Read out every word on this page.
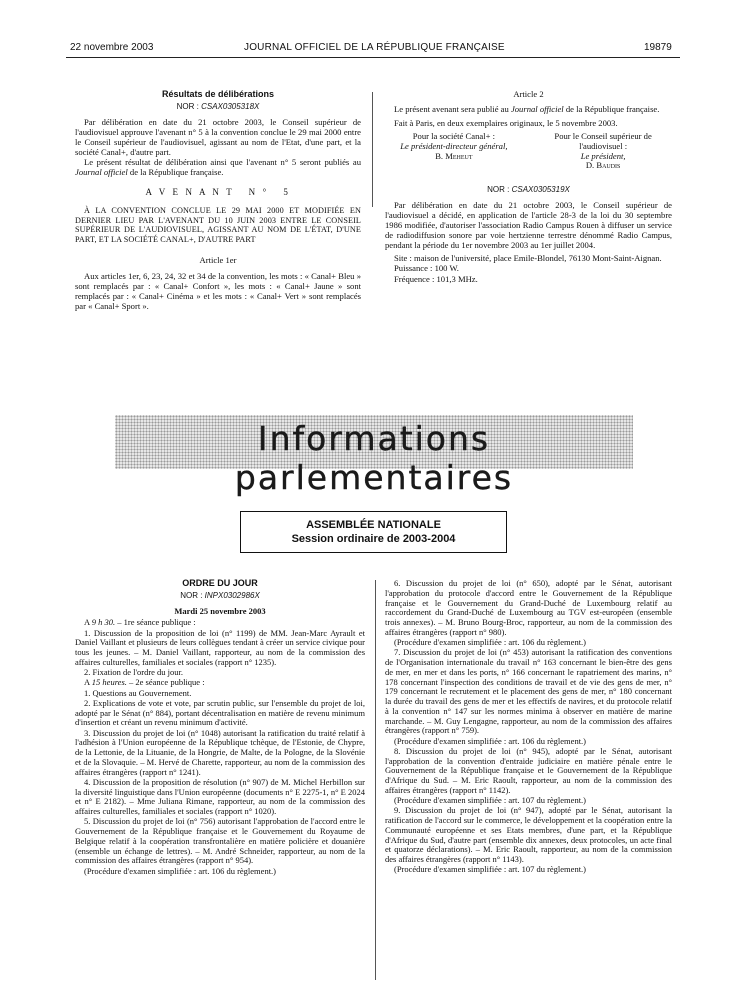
22 novembre 2003	JOURNAL OFFICIEL DE LA RÉPUBLIQUE FRANÇAISE	19879
Résultats de délibérations
NOR : CSAX0305318X

Par délibération en date du 21 octobre 2003, le Conseil supérieur de l'audiovisuel approuve l'avenant n° 5 à la convention conclue le 29 mai 2000 entre le Conseil supérieur de l'audiovisuel, agissant au nom de l'Etat, d'une part, et la société Canal+, d'autre part.

Le présent résultat de délibération ainsi que l'avenant n° 5 seront publiés au Journal officiel de la République française.

A V E N A N T   N °   5

À LA CONVENTION CONCLUE LE 29 MAI 2000 ET MODIFIÉE EN DERNIER LIEU PAR L'AVENANT DU 10 JUIN 2003 ENTRE LE CONSEIL SUPÉRIEUR DE L'AUDIOVISUEL, AGISSANT AU NOM DE L'ÉTAT, D'UNE PART, ET LA SOCIÉTÉ CANAL+, D'AUTRE PART

Article 1er

Aux articles 1er, 6, 23, 24, 32 et 34 de la convention, les mots : « Canal+ Bleu » sont remplacés par : « Canal+ Confort », les mots : « Canal+ Jaune » sont remplacés par : « Canal+ Cinéma » et les mots : « Canal+ Vert » sont remplacés par « Canal+ Sport ».

Article 2

Le présent avenant sera publié au Journal officiel de la République française.

Fait à Paris, en deux exemplaires originaux, le 5 novembre 2003.

Pour la société Canal+ :
Le président-directeur général,
B. Meheut
Pour le Conseil supérieur de l'audiovisuel :
Le président,
D. Baudis
NOR : CSAX0305319X

Par délibération en date du 21 octobre 2003, le Conseil supérieur de l'audiovisuel a décidé, en application de l'article 28-3 de la loi du 30 septembre 1986 modifiée, d'autoriser l'association Radio Campus Rouen à diffuser un service de radiodiffusion sonore par voie hertzienne terrestre dénommé Radio Campus, pendant la période du 1er novembre 2003 au 1er juillet 2004.

Site : maison de l'université, place Emile-Blondel, 76130 Mont-Saint-Aignan.

Puissance : 100 W.

Fréquence : 101,3 MHz.

Informations parlementaires
ASSEMBLÉE NATIONALE
Session ordinaire de 2003-2004
ORDRE DU JOUR
NOR : INPX0302986X
Mardi 25 novembre 2003

A 9 h 30. – 1re séance publique :

1. Discussion de la proposition de loi (n° 1199) de MM. Jean-Marc Ayrault et Daniel Vaillant et plusieurs de leurs collègues tendant à créer un service civique pour tous les jeunes. – M. Daniel Vaillant, rapporteur, au nom de la commission des affaires culturelles, familiales et sociales (rapport n° 1235).

2. Fixation de l'ordre du jour.

A 15 heures. – 2e séance publique :

1. Questions au Gouvernement.

2. Explications de vote et vote, par scrutin public, sur l'ensemble du projet de loi, adopté par le Sénat (n° 884), portant décentralisation en matière de revenu minimum d'insertion et créant un revenu minimum d'activité.

3. Discussion du projet de loi (n° 1048) autorisant la ratification du traité relatif à l'adhésion à l'Union européenne de la République tchèque, de l'Estonie, de Chypre, de la Lettonie, de la Lituanie, de la Hongrie, de Malte, de la Pologne, de la Slovénie et de la Slovaquie. – M. Hervé de Charette, rapporteur, au nom de la commission des affaires étrangères (rapport n° 1241).

4. Discussion de la proposition de résolution (n° 907) de M. Michel Herbillon sur la diversité linguistique dans l'Union européenne (documents n° E 2275-1, n° E 2024 et n° E 2182). – Mme Juliana Rimane, rapporteur, au nom de la commission des affaires culturelles, familiales et sociales (rapport n° 1020).

5. Discussion du projet de loi (n° 756) autorisant l'approbation de l'accord entre le Gouvernement de la République française et le Gouvernement du Royaume de Belgique relatif à la coopération transfrontalière en matière policière et douanière (ensemble un échange de lettres). – M. André Schneider, rapporteur, au nom de la commission des affaires étrangères (rapport n° 954).

(Procédure d'examen simplifiée : art. 106 du règlement.)

6. Discussion du projet de loi (n° 650), adopté par le Sénat, autorisant l'approbation du protocole d'accord entre le Gouvernement de la République française et le Gouvernement du Grand-Duché de Luxembourg relatif au raccordement du Grand-Duché de Luxembourg au TGV est-européen (ensemble trois annexes). – M. Bruno Bourg-Broc, rapporteur, au nom de la commission des affaires étrangères (rapport n° 980).

(Procédure d'examen simplifiée : art. 106 du règlement.)

7. Discussion du projet de loi (n° 453) autorisant la ratification des conventions de l'Organisation internationale du travail n° 163 concernant le bien-être des gens de mer, en mer et dans les ports, n° 166 concernant le rapatriement des marins, n° 178 concernant l'inspection des conditions de travail et de vie des gens de mer, n° 179 concernant le recrutement et le placement des gens de mer, n° 180 concernant la durée du travail des gens de mer et les effectifs de navires, et du protocole relatif à la convention n° 147 sur les normes minima à observer en matière de marine marchande. – M. Guy Lengagne, rapporteur, au nom de la commission des affaires étrangères (rapport n° 759).

(Procédure d'examen simplifiée : art. 106 du règlement.)

8. Discussion du projet de loi (n° 945), adopté par le Sénat, autorisant l'approbation de la convention d'entraide judiciaire en matière pénale entre le Gouvernement de la République française et le Gouvernement de la République d'Afrique du Sud. – M. Eric Raoult, rapporteur, au nom de la commission des affaires étrangères (rapport n° 1142).

(Procédure d'examen simplifiée : art. 107 du règlement.)

9. Discussion du projet de loi (n° 947), adopté par le Sénat, autorisant la ratification de l'accord sur le commerce, le développement et la coopération entre la Communauté européenne et ses Etats membres, d'une part, et la République d'Afrique du Sud, d'autre part (ensemble dix annexes, deux protocoles, un acte final et quatorze déclarations). – M. Eric Raoult, rapporteur, au nom de la commission des affaires étrangères (rapport n° 1143).

(Procédure d'examen simplifiée : art. 107 du règlement.)
